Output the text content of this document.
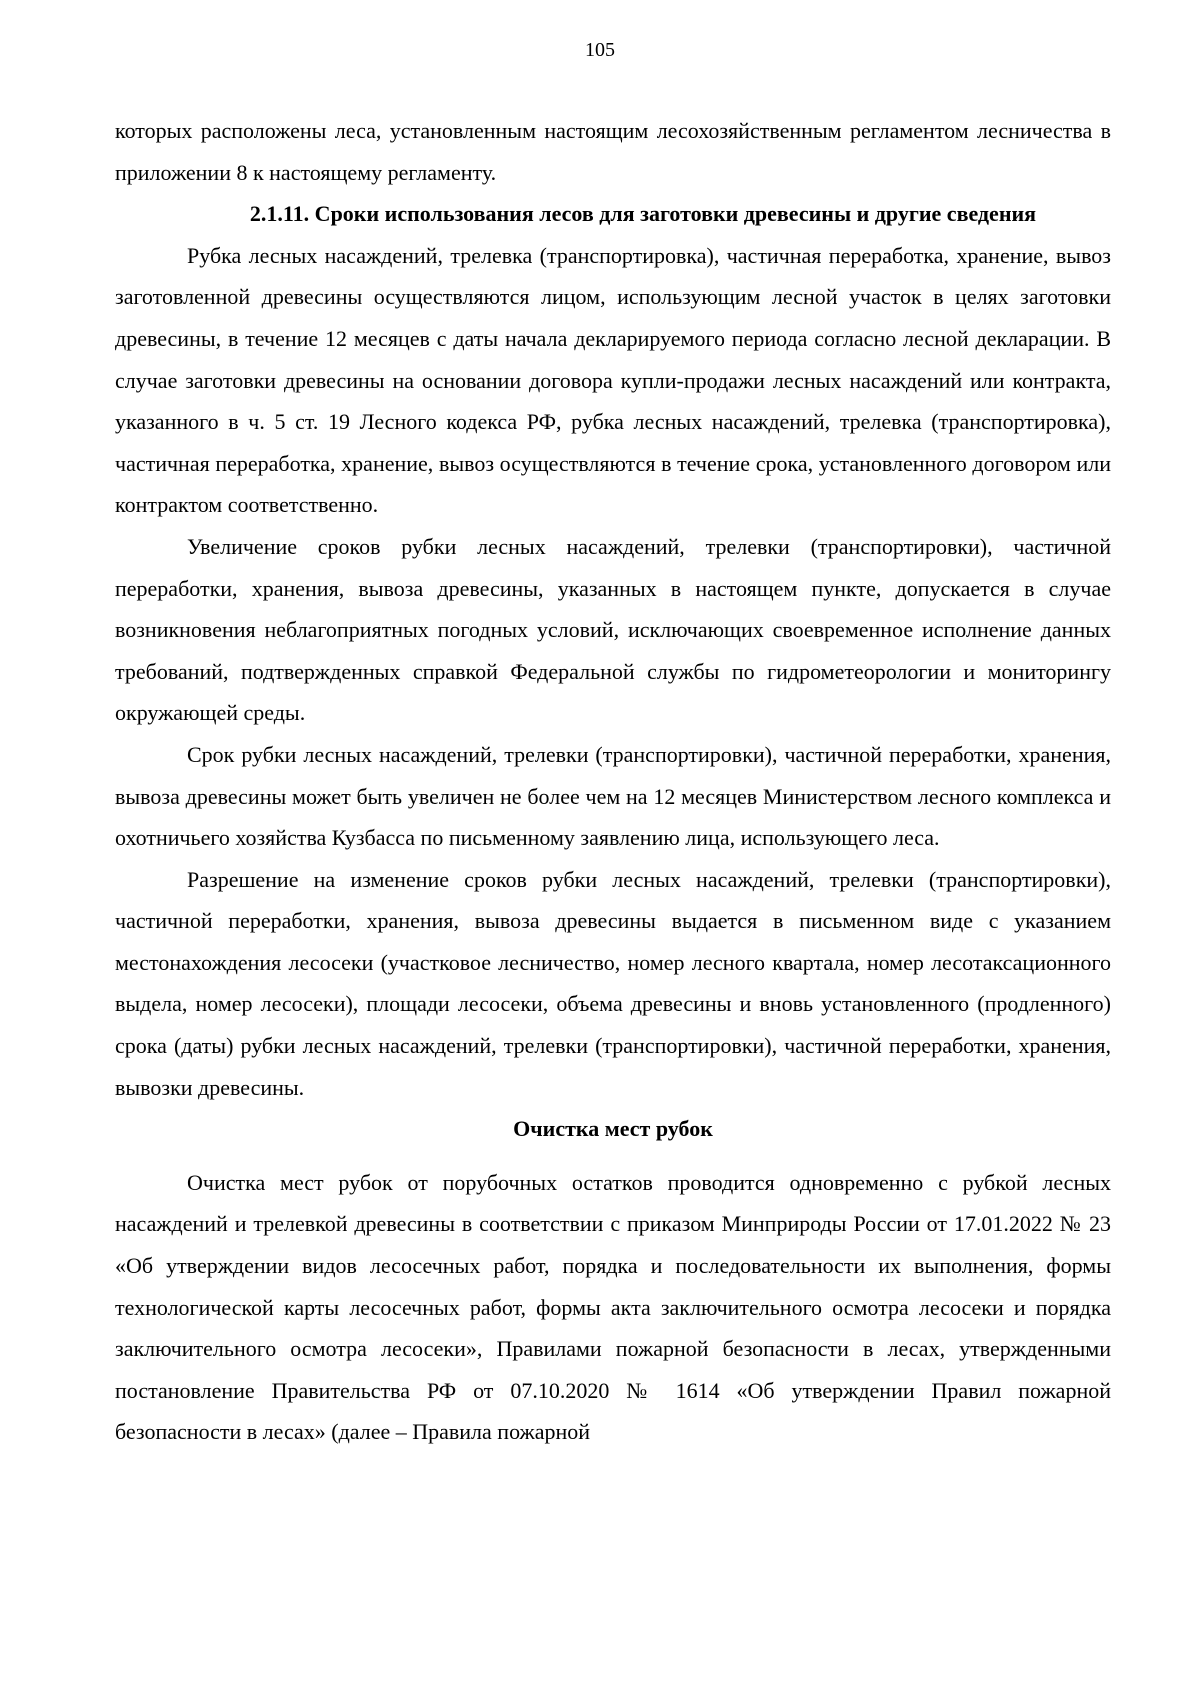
105

которых расположены леса, установленным настоящим лесохозяйственным регламентом лесничества в приложении 8 к настоящему регламенту.

2.1.11. Сроки использования лесов для заготовки древесины и другие сведения

Рубка лесных насаждений, трелевка (транспортировка), частичная переработка, хранение, вывоз заготовленной древесины осуществляются лицом, использующим лесной участок в целях заготовки древесины, в течение 12 месяцев с даты начала декларируемого периода согласно лесной декларации. В случае заготовки древесины на основании договора купли-продажи лесных насаждений или контракта, указанного в ч. 5 ст. 19 Лесного кодекса РФ, рубка лесных насаждений, трелевка (транспортировка), частичная переработка, хранение, вывоз осуществляются в течение срока, установленного договором или контрактом соответственно.

Увеличение сроков рубки лесных насаждений, трелевки (транспортировки), частичной переработки, хранения, вывоза древесины, указанных в настоящем пункте, допускается в случае возникновения неблагоприятных погодных условий, исключающих своевременное исполнение данных требований, подтвержденных справкой Федеральной службы по гидрометеорологии и мониторингу окружающей среды.

Срок рубки лесных насаждений, трелевки (транспортировки), частичной переработки, хранения, вывоза древесины может быть увеличен не более чем на 12 месяцев Министерством лесного комплекса и охотничьего хозяйства Кузбасса по письменному заявлению лица, использующего леса.

Разрешение на изменение сроков рубки лесных насаждений, трелевки (транспортировки), частичной переработки, хранения, вывоза древесины выдается в письменном виде с указанием местонахождения лесосеки (участковое лесничество, номер лесного квартала, номер лесотаксационного выдела, номер лесосеки), площади лесосеки, объема древесины и вновь установленного (продленного) срока (даты) рубки лесных насаждений, трелевки (транспортировки), частичной переработки, хранения, вывозки древесины.

Очистка мест рубок

Очистка мест рубок от порубочных остатков проводится одновременно с рубкой лесных насаждений и трелевкой древесины в соответствии с приказом Минприроды России от 17.01.2022 № 23 «Об утверждении видов лесосечных работ, порядка и последовательности их выполнения, формы технологической карты лесосечных работ, формы акта заключительного осмотра лесосеки и порядка заключительного осмотра лесосеки», Правилами пожарной безопасности в лесах, утвержденными постановление Правительства РФ от 07.10.2020 № 1614 «Об утверждении Правил пожарной безопасности в лесах» (далее – Правила пожарной
